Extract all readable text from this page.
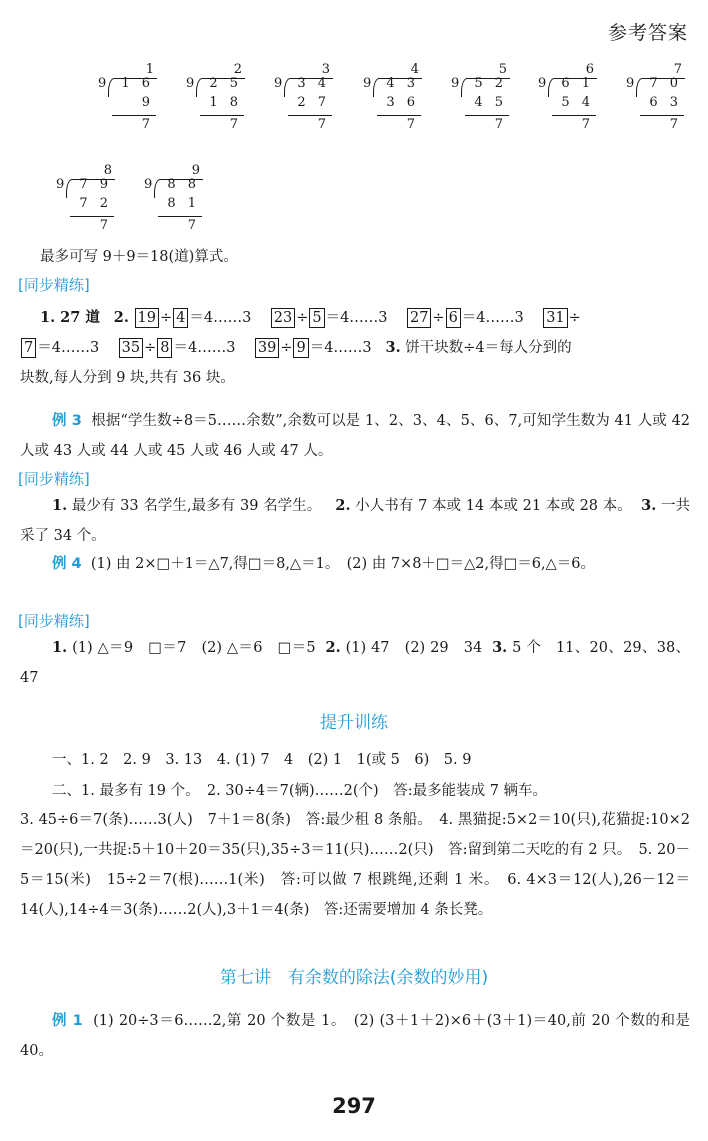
参考答案
1
9	1 6
9
7
2
9	2 5
1 8
7
3
9	3 4
2 7
7
4
9	4 3
3 6
7
5
9	5 2
4 5
7
6
9	6 1
5 4
7
7
9	7 0
6 3
7
8
9	7 9
7 2
7
9
9	8 8
8 1
7
最多可写 9＋9＝18(道)算式。
[同步精练]
1. 27 道 2. 19 ÷ 4 ＝4……3 23 ÷ 5 ＝4……3 27 ÷ 6 ＝4……3 31 ÷
7 ＝4……3 35 ÷ 8 ＝4……3 39 ÷ 9 ＝4……3 3. 饼干块数÷4＝每人分到的
块数,每人分到 9 块,共有 36 块。
例 3 根据“学生数÷8＝5……余数”,余数可以是 1、2、3、4、5、6、7,可知学生数为 41 人或 42 人或 43 人或 44 人或 45 人或 46 人或 47 人。
[同步精练]
1. 最少有 33 名学生,最多有 39 名学生。 2. 小人书有 7 本或 14 本或 21 本或 28 本。 3. 一共采了 34 个。
例 4 (1) 由 2×□＋1＝△7,得□＝8,△＝1。　(2) 由 7×8＋□＝△2,得□＝6,△＝6。
[同步精练]
1. (1) △＝9　□＝7　(2) △＝6　□＝5 2. (1) 47　(2) 29　34 3. 5 个　11、20、29、38、47
提升训练
一、1. 2　2. 9　3. 13　4. (1) 7　4　(2) 1　1(或 5　6)　5. 9
二、1. 最多有 19 个。　2. 30÷4＝7(辆)……2(个)　答:最多能装成 7 辆车。
3. 45÷6＝7(条)……3(人)　7＋1＝8(条)　答:最少租 8 条船。　4. 黑猫捉:5×2＝10(只),花猫捉:10×2＝20(只),一共捉:5＋10＋20＝35(只),35÷3＝11(只)……2(只)　答:留到第二天吃的有 2 只。　5. 20－5＝15(米)　15÷2＝7(根)……1(米)　答:可以做 7 根跳绳,还剩 1 米。　6. 4×3＝12(人),26－12＝14(人),14÷4＝3(条)……2(人),3＋1＝4(条)　答:还需要增加 4 条长凳。
第七讲　有余数的除法(余数的妙用)
例 1 (1) 20÷3＝6……2,第 20 个数是 1。　(2) (3＋1＋2)×6＋(3＋1)＝40,前 20 个数的和是 40。
297
